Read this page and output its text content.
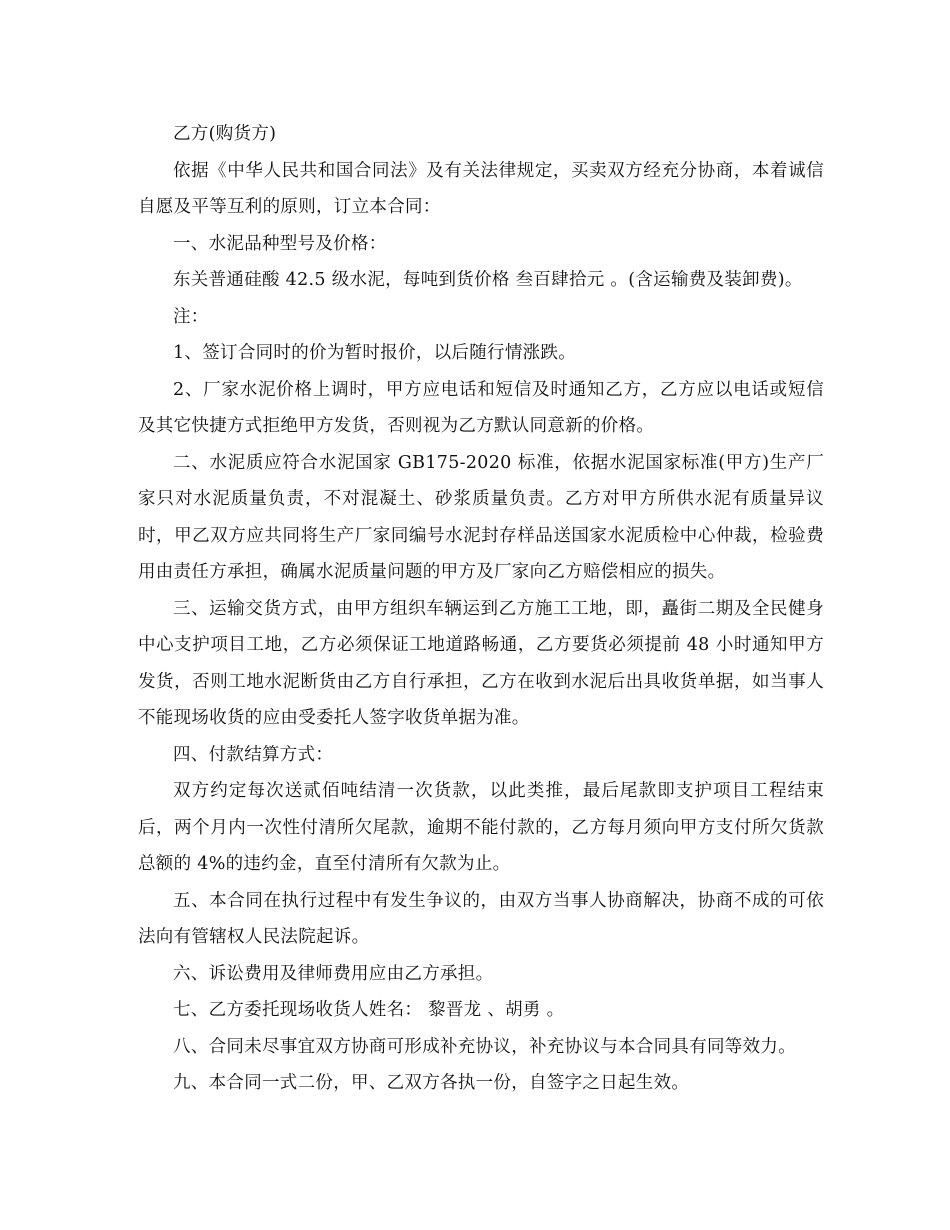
乙方(购货方)

依据《中华人民共和国合同法》及有关法律规定，买卖双方经充分协商，本着诚信自愿及平等互利的原则，订立本合同：

一、水泥品种型号及价格：

东关普通硅酸 42.5 级水泥，每吨到货价格 叁百肆拾元 。(含运输费及装卸费)。

注：

1、签订合同时的价为暂时报价，以后随行情涨跌。

2、厂家水泥价格上调时，甲方应电话和短信及时通知乙方，乙方应以电话或短信及其它快捷方式拒绝甲方发货，否则视为乙方默认同意新的价格。

二、水泥质应符合水泥国家 GB175-2020 标准，依据水泥国家标准(甲方)生产厂家只对水泥质量负责，不对混凝土、砂浆质量负责。乙方对甲方所供水泥有质量异议时，甲乙双方应共同将生产厂家同编号水泥封存样品送国家水泥质检中心仲裁，检验费用由责任方承担，确属水泥质量问题的甲方及厂家向乙方赔偿相应的损失。

三、运输交货方式，由甲方组织车辆运到乙方施工工地，即，矗街二期及全民健身中心支护项目工地，乙方必须保证工地道路畅通，乙方要货必须提前 48 小时通知甲方发货，否则工地水泥断货由乙方自行承担，乙方在收到水泥后出具收货单据，如当事人不能现场收货的应由受委托人签字收货单据为准。

四、付款结算方式：

双方约定每次送贰佰吨结清一次货款，以此类推，最后尾款即支护项目工程结束后，两个月内一次性付清所欠尾款，逾期不能付款的，乙方每月须向甲方支付所欠货款总额的 4%的违约金，直至付清所有欠款为止。

五、本合同在执行过程中有发生争议的，由双方当事人协商解决，协商不成的可依法向有管辖权人民法院起诉。

六、诉讼费用及律师费用应由乙方承担。

七、乙方委托现场收货人姓名： 黎晋龙 、胡勇 。

八、合同未尽事宜双方协商可形成补充协议，补充协议与本合同具有同等效力。

九、本合同一式二份，甲、乙双方各执一份，自签字之日起生效。
